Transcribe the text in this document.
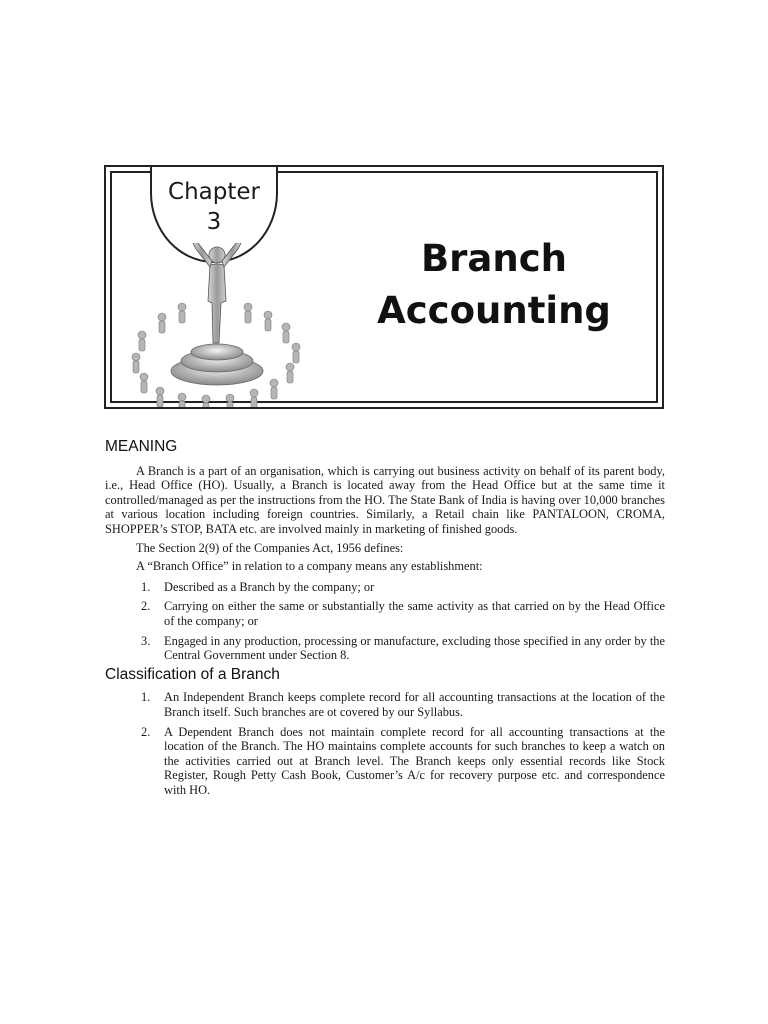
Chapter
3
Branch
Accounting
MEANING

A Branch is a part of an organisation, which is carrying out business activity on behalf of its parent body, i.e., Head Office (HO). Usually, a Branch is located away from the Head Office but at the same time it controlled/managed as per the instructions from the HO. The State Bank of India is having over 10,000 branches at various location including foreign countries. Similarly, a Retail chain like PANTALOON, CROMA, SHOPPER’s STOP, BATA etc. are involved mainly in marketing of finished goods.

The Section 2(9) of the Companies Act, 1956 defines:

A “Branch Office” in relation to a company means any establishment:

1. Described as a Branch by the company; or
2. Carrying on either the same or substantially the same activity as that carried on by the Head Office of the company; or
3. Engaged in any production, processing or manufacture, excluding those specified in any order by the Central Government under Section 8.
Classification of a Branch
1. An Independent Branch keeps complete record for all accounting transactions at the location of the Branch itself. Such branches are ot covered by our Syllabus.
2. A Dependent Branch does not maintain complete record for all accounting transactions at the location of the Branch. The HO maintains complete accounts for such branches to keep a watch on the activities carried out at Branch level. The Branch keeps only essential records like Stock Register, Rough Petty Cash Book, Customer’s A/c for recovery purpose etc. and correspondence with HO.
